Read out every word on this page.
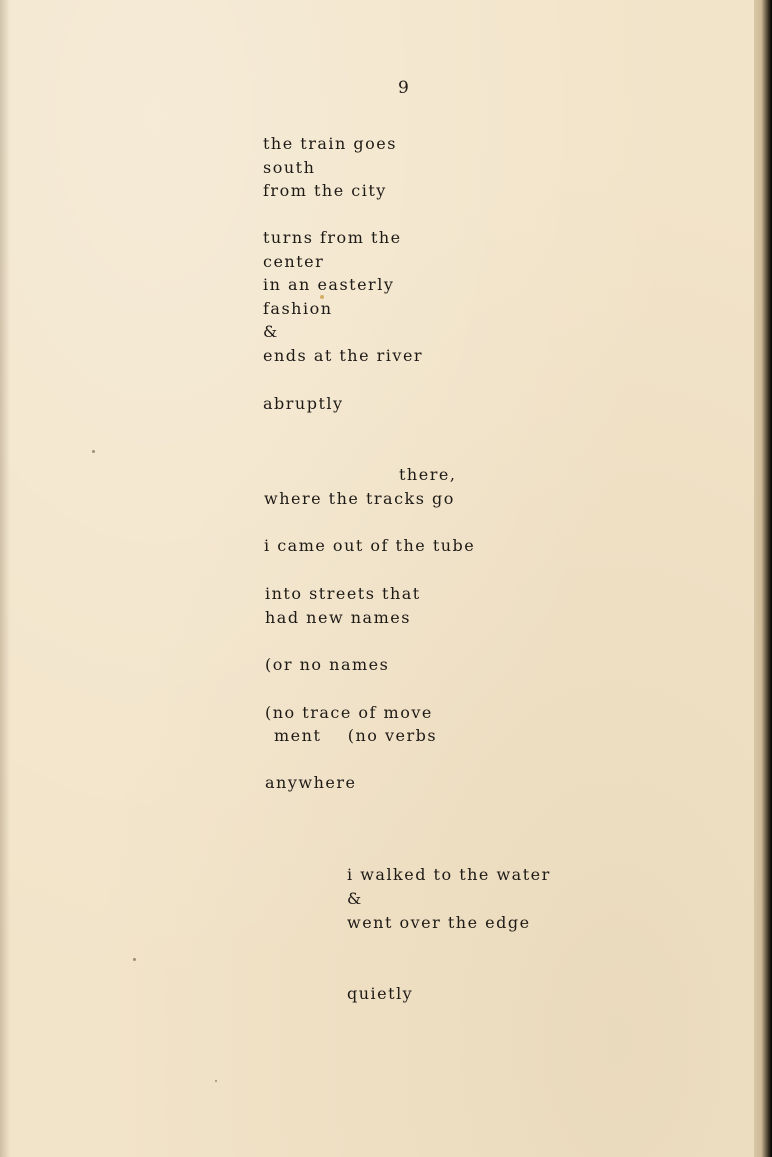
9
the train goes
south
from the city
turns from the
center
in an easterly
fashion
&
ends at the river
abruptly
there,
where the tracks go
i came out of the tube
into streets that
had new names
(or no names
(no trace of move
ment    (no verbs
anywhere
i walked to the water
&
went over the edge
quietly
